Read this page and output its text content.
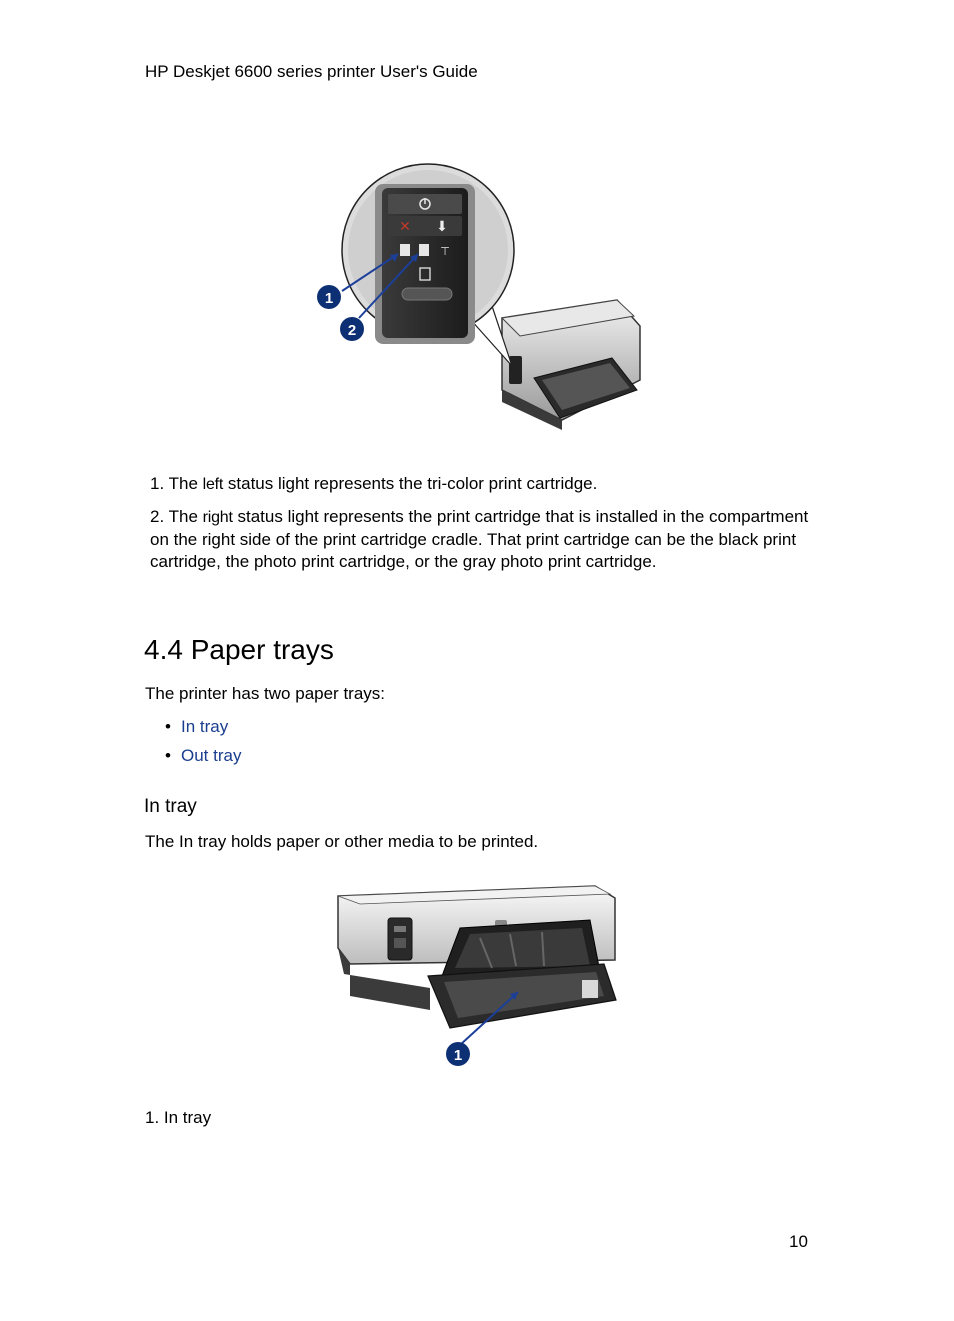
HP Deskjet 6600 series printer User's Guide
✕ ⬇
⊤
1
2
1. The left status light represents the tri-color print cartridge.
2. The right status light represents the print cartridge that is installed in the compartment on the right side of the print cartridge cradle. That print cartridge can be the black print cartridge, the photo print cartridge, or the gray photo print cartridge.
4.4 Paper trays

The printer has two paper trays:

• In tray
• Out tray
In tray

The In tray holds paper or other media to be printed.

1

1. In tray

10
